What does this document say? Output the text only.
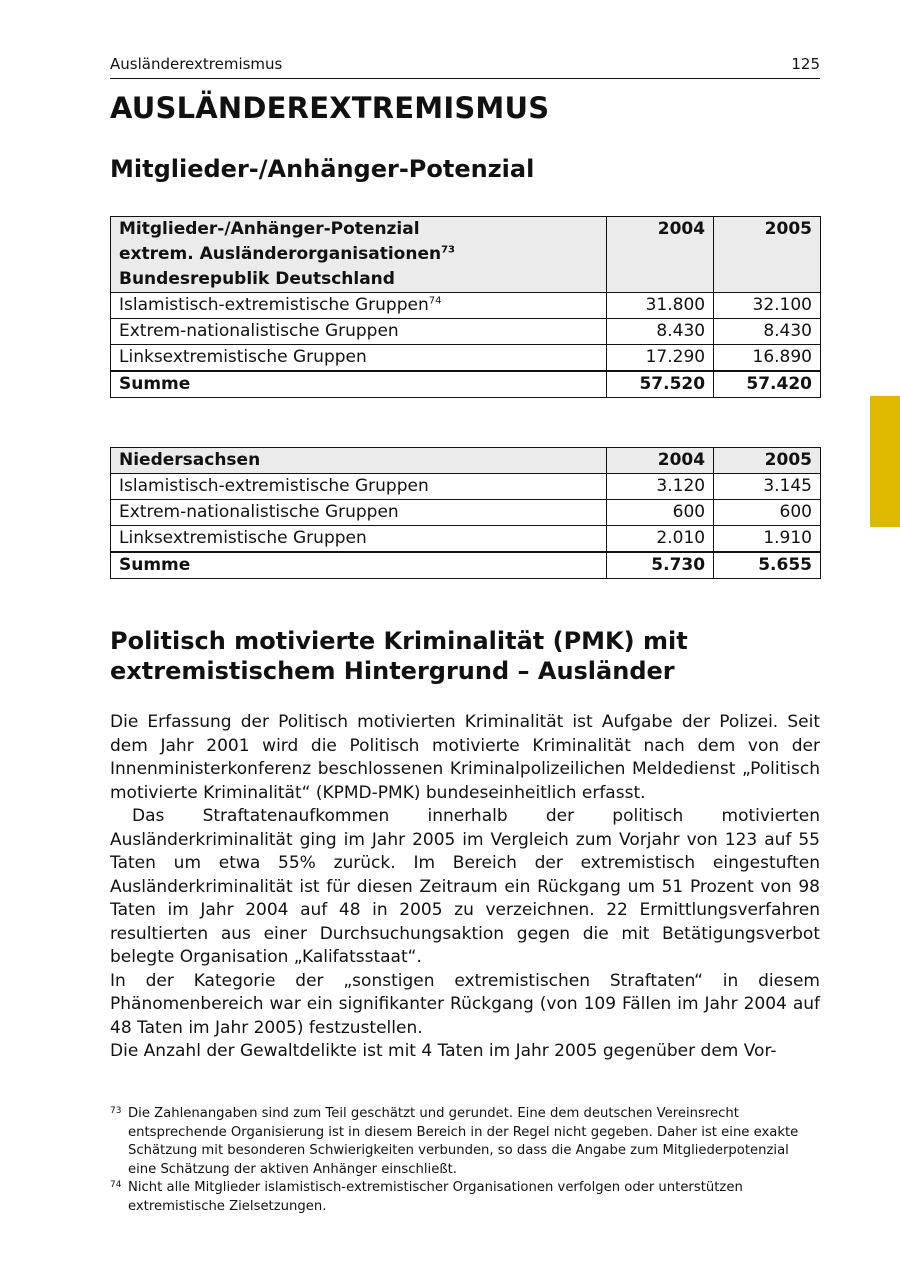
Ausländerextremismus	125
AUSLÄNDEREXTREMISMUS
Mitglieder-/Anhänger-Potenzial
Mitglieder-/Anhänger-Potenzial
extrem. Ausländerorganisationen$^{73}$
Bundesrepublik Deutschland	2004	2005
Islamistisch-extremistische Gruppen$^{74}$	31.800	32.100
Extrem-nationalistische Gruppen	8.430	8.430
Linksextremistische Gruppen	17.290	16.890
Summe	57.520	57.420
Niedersachsen	2004	2005
Islamistisch-extremistische Gruppen	3.120	3.145
Extrem-nationalistische Gruppen	600	600
Linksextremistische Gruppen	2.010	1.910
Summe	5.730	5.655
Politisch motivierte Kriminalität (PMK) mit
extremistischem Hintergrund – Ausländer

Die Erfassung der Politisch motivierten Kriminalität ist Aufgabe der Polizei. Seit dem Jahr 2001 wird die Politisch motivierte Kriminalität nach dem von der Innenministerkonferenz beschlossenen Kriminalpolizeilichen Meldedienst „Politisch motivierte Kriminalität“ (KPMD-PMK) bundeseinheitlich erfasst.

Das Straftatenaufkommen innerhalb der politisch motivierten Ausländerkriminalität ging im Jahr 2005 im Vergleich zum Vorjahr von 123 auf 55 Taten um etwa 55% zurück. Im Bereich der extremistisch eingestuften Ausländerkriminalität ist für diesen Zeitraum ein Rückgang um 51 Prozent von 98 Taten im Jahr 2004 auf 48 in 2005 zu verzeichnen. 22 Ermittlungsverfahren resultierten aus einer Durchsuchungsaktion gegen die mit Betätigungsverbot belegte Organisation „Kalifatsstaat“.

In der Kategorie der „sonstigen extremistischen Straftaten“ in diesem Phänomenbereich war ein signifikanter Rückgang (von 109 Fällen im Jahr 2004 auf 48 Taten im Jahr 2005) festzustellen.

Die Anzahl der Gewaltdelikte ist mit 4 Taten im Jahr 2005 gegenüber dem Vor-

73 Die Zahlenangaben sind zum Teil geschätzt und gerundet. Eine dem deutschen Vereinsrecht entsprechende Organisierung ist in diesem Bereich in der Regel nicht gegeben. Daher ist eine exakte Schätzung mit besonderen Schwierigkeiten verbunden, so dass die Angabe zum Mitgliederpotenzial eine Schätzung der aktiven Anhänger einschließt.
74 Nicht alle Mitglieder islamistisch-extremistischer Organisationen verfolgen oder unterstützen extremistische Zielsetzungen.
